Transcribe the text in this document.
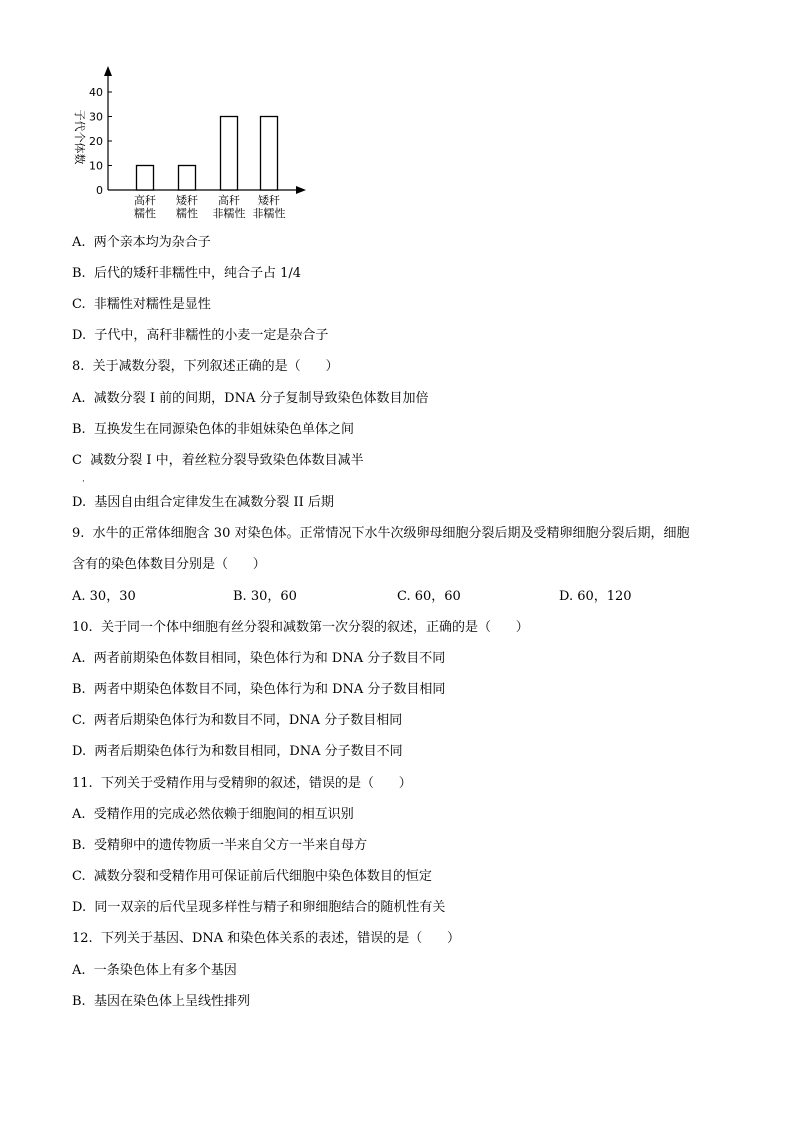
0
10
20
30
40
子代个体数
高秆
糯性
矮秆
糯性
高秆
非糯性
矮秆
非糯性
A.  两个亲本均为杂合子
B.  后代的矮秆非糯性中，纯合子占 1/4
C.  非糯性对糯性是显性
D.  子代中，高秆非糯性的小麦一定是杂合子
8.  关于减数分裂，下列叙述正确的是（      ）
A.  减数分裂 I 前的间期，DNA 分子复制导致染色体数目加倍
B.  互换发生在同源染色体的非姐妹染色单体之间
C  减数分裂 I 中，着丝粒分裂导致染色体数目减半
·
D.  基因自由组合定律发生在减数分裂 II 后期
9.  水牛的正常体细胞含 30 对染色体。正常情况下水牛次级卵母细胞分裂后期及受精卵细胞分裂后期，细胞
含有的染色体数目分别是（      ）
A. 30，30	B. 30，60	C. 60，60	D. 60，120
10.  关于同一个体中细胞有丝分裂和减数第一次分裂的叙述，正确的是（      ）
A.  两者前期染色体数目相同，染色体行为和 DNA 分子数目不同
B.  两者中期染色体数目不同，染色体行为和 DNA 分子数目相同
C.  两者后期染色体行为和数目不同，DNA 分子数目相同
D.  两者后期染色体行为和数目相同，DNA 分子数目不同
11.  下列关于受精作用与受精卵的叙述，错误的是（      ）
A.  受精作用的完成必然依赖于细胞间的相互识别
B.  受精卵中的遗传物质一半来自父方一半来自母方
C.  减数分裂和受精作用可保证前后代细胞中染色体数目的恒定
D.  同一双亲的后代呈现多样性与精子和卵细胞结合的随机性有关
12.  下列关于基因、DNA 和染色体关系的表述，错误的是（      ）
A.  一条染色体上有多个基因
B.  基因在染色体上呈线性排列
